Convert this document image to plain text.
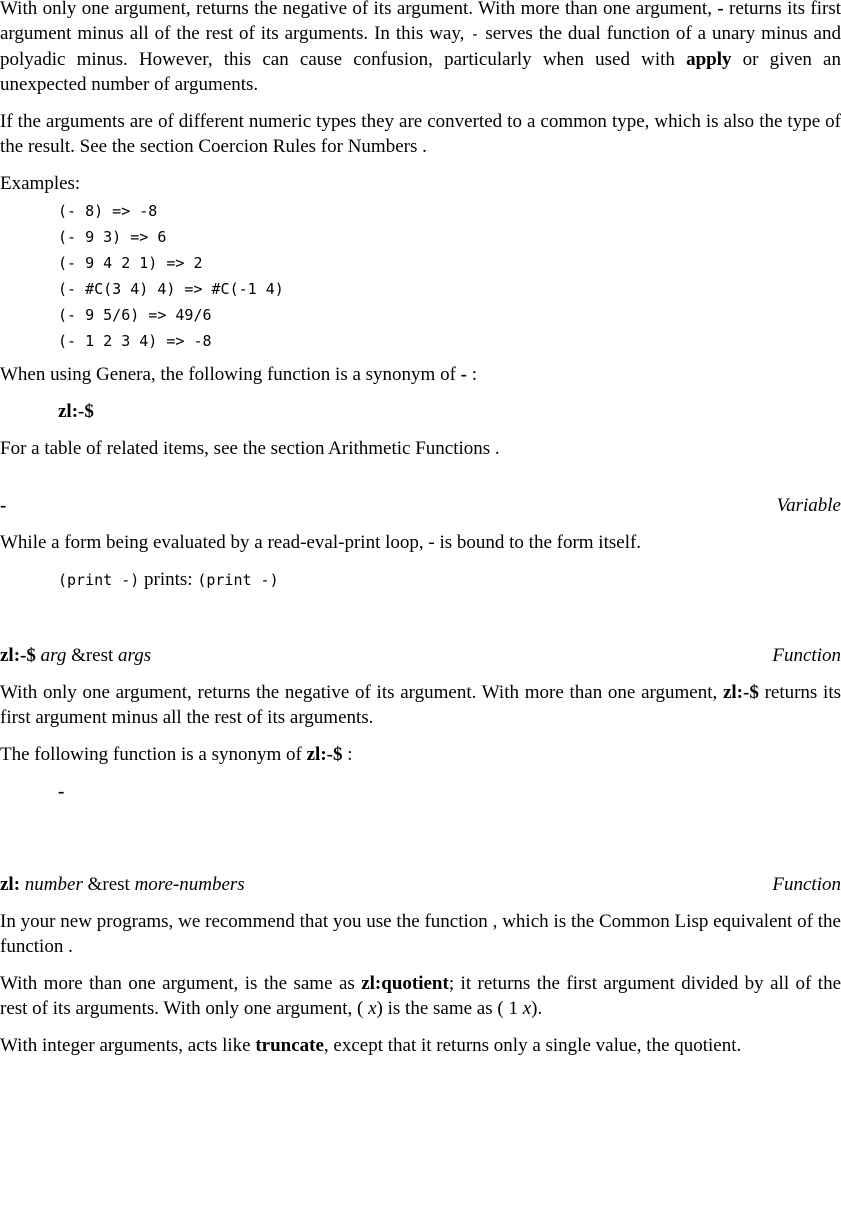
With only one argument, returns the negative of its argument. With more than one argument, - returns its first argument minus all of the rest of its arguments. In this way, - serves the dual function of a unary minus and polyadic minus. However, this can cause confusion, particularly when used with apply or given an unexpected number of arguments.

If the arguments are of different numeric types they are converted to a common type, which is also the type of the result. See the section Coercion Rules for Numbers .

Examples:

(- 8) => -8
(- 9 3) => 6
(- 9 4 2 1) => 2
(- #C(3 4) 4) => #C(-1 4)
(- 9 5/6) => 49/6
(- 1 2 3 4) => -8

When using Genera, the following function is a synonym of - :

zl:-$

For a table of related items, see the section Arithmetic Functions .

-	Variable

While a form being evaluated by a read-eval-print loop, - is bound to the form itself.

(print -) prints: (print -)

zl:-$ arg &rest args	Function

With only one argument, returns the negative of its argument. With more than one argument, zl:-$ returns its first argument minus all the rest of its arguments.

The following function is a synonym of zl:-$ :

-

zl: number &rest more-numbers	Function

In your new programs, we recommend that you use the function , which is the Common Lisp equivalent of the function .

With more than one argument, is the same as zl:quotient; it returns the first argument divided by all of the rest of its arguments. With only one argument, ( x) is the same as ( 1 x).

With integer arguments, acts like truncate, except that it returns only a single value, the quotient.
